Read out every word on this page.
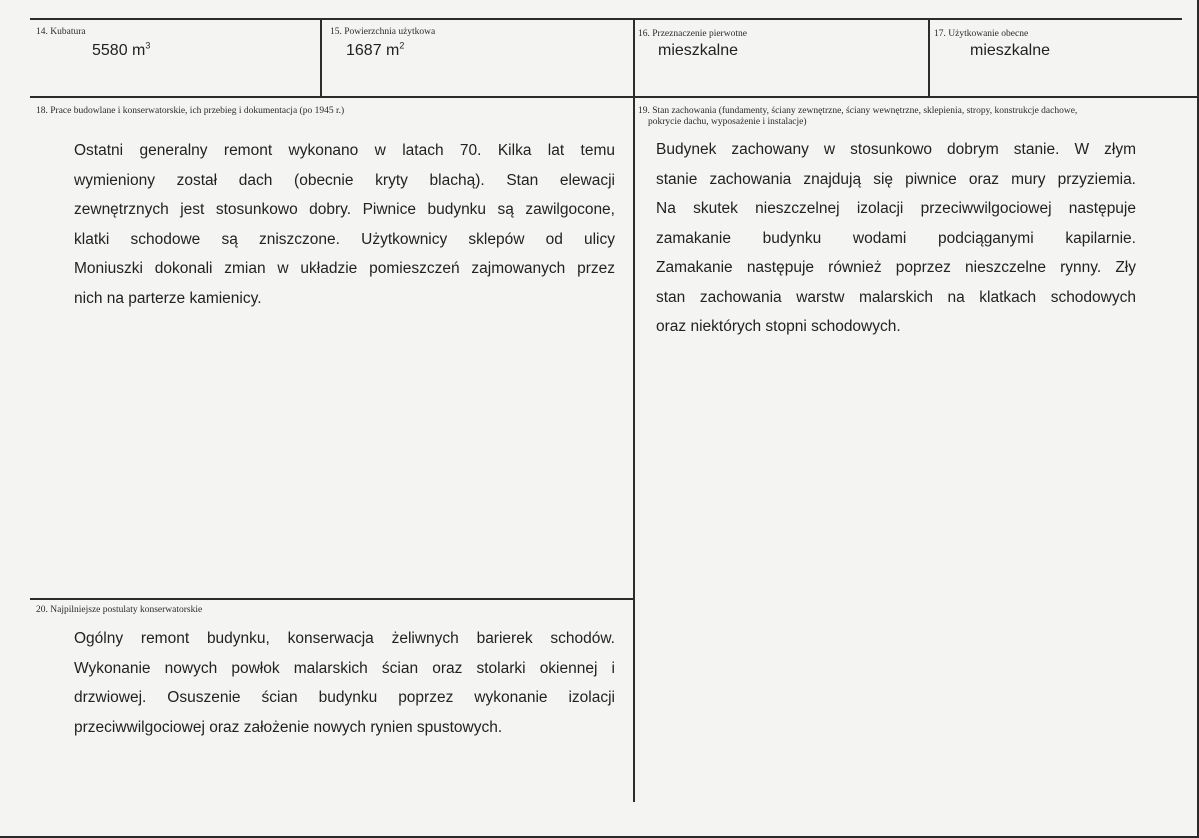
14. Kubatura
5580 $m^3$
15. Powierzchnia użytkowa
1687 $m^2$
16. Przeznaczenie pierwotne
mieszkalne
17. Użytkowanie obecne
mieszkalne
18. Prace budowlane i konserwatorskie, ich przebieg i dokumentacja (po 1945 r.)
Ostatni generalny remont wykonano w latach 70. Kilka lat temu
wymieniony został dach (obecnie kryty blachą). Stan elewacji
zewnętrznych jest stosunkowo dobry. Piwnice budynku są zawilgocone,
klatki schodowe są zniszczone. Użytkownicy sklepów od ulicy
Moniuszki dokonali zmian w układzie pomieszczeń zajmowanych przez
nich na parterze kamienicy.
19. Stan zachowania (fundamenty, ściany zewnętrzne, ściany wewnętrzne, sklepienia, stropy, konstrukcje dachowe,
pokrycie dachu, wyposażenie i instalacje)
Budynek zachowany w stosunkowo dobrym stanie. W złym
stanie zachowania znajdują się piwnice oraz mury przyziemia.
Na skutek nieszczelnej izolacji przeciwwilgociowej następuje
zamakanie budynku wodami podciąganymi kapilarnie.
Zamakanie następuje również poprzez nieszczelne rynny. Zły
stan zachowania warstw malarskich na klatkach schodowych
oraz niektórych stopni schodowych.
20. Najpilniejsze postulaty konserwatorskie
Ogólny remont budynku, konserwacja żeliwnych barierek schodów.
Wykonanie nowych powłok malarskich ścian oraz stolarki okiennej i
drzwiowej. Osuszenie ścian budynku poprzez wykonanie izolacji
przeciwwilgociowej oraz założenie nowych rynien spustowych.
